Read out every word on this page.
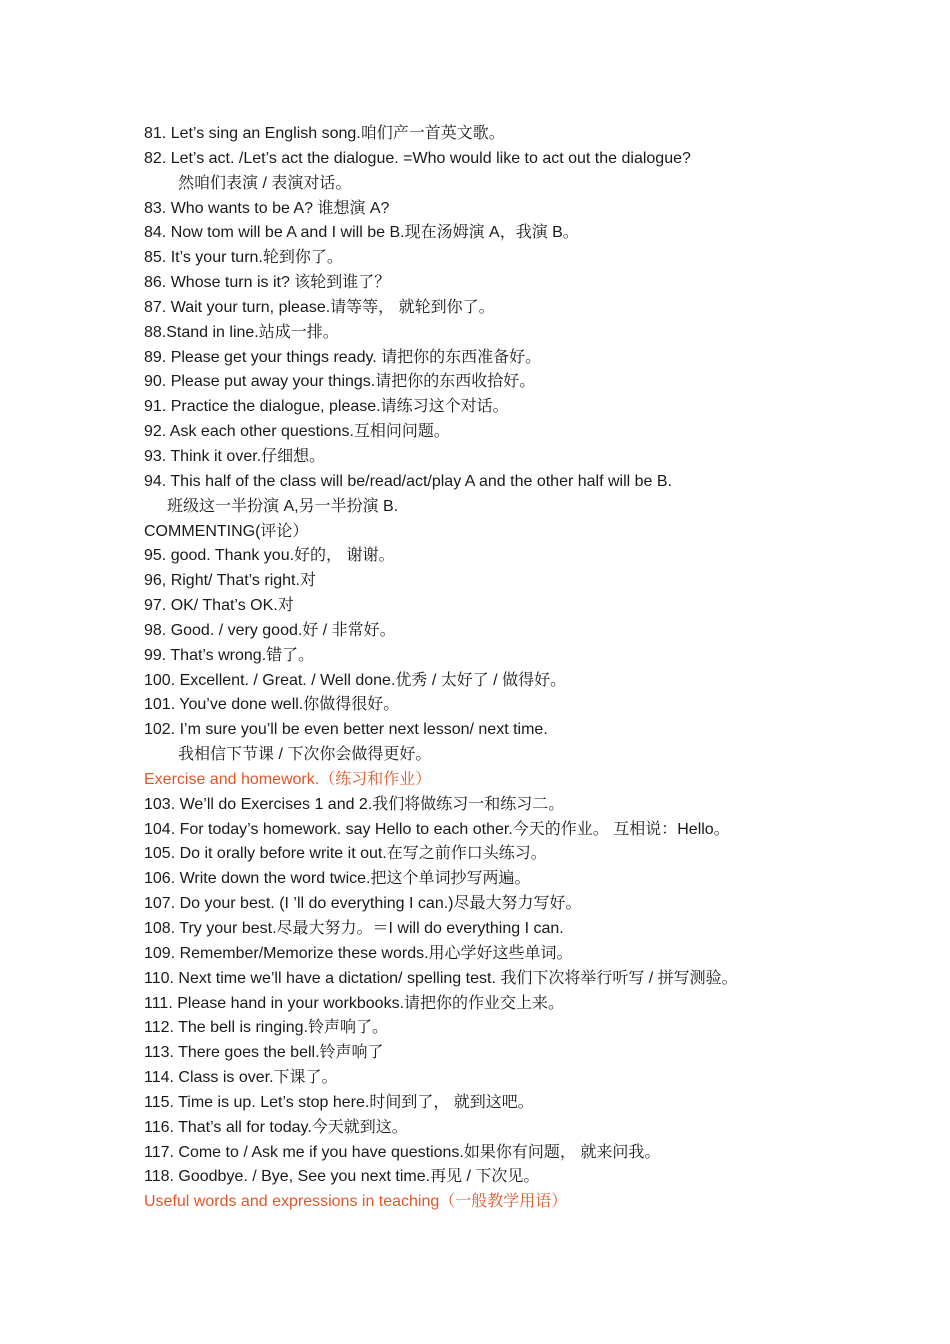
81. Let’s sing an English song.咱们产一首英文歌。
82. Let’s act. /Let’s act the dialogue. =Who would like to act out the dialogue?
然咱们表演 / 表演对话。
83. Who wants to be A? 谁想演 A?
84. Now tom will be A and I will be B.现在汤姆演 A，我演 B。
85. It’s your turn.轮到你了。
86. Whose turn is it? 该轮到谁了？
87. Wait your turn, please.请等等， 就轮到你了。
88.Stand in line.站成一排。
89. Please get your things ready. 请把你的东西准备好。
90. Please put away your things.请把你的东西收拾好。
91. Practice the dialogue, please.请练习这个对话。
92. Ask each other questions.互相问问题。
93. Think it over.仔细想。
94. This half of the class will be/read/act/play A and the other half will be B.
班级这一半扮演 A,另一半扮演 B.
COMMENTING(评论）
95. good. Thank you.好的， 谢谢。
96, Right/ That’s right.对
97. OK/ That’s OK.对
98. Good. / very good.好 / 非常好。
99. That’s wrong.错了。
100. Excellent. / Great. / Well done.优秀 / 太好了 / 做得好。
101. You’ve done well.你做得很好。
102. I’m sure you’ll be even better next lesson/ next time.
我相信下节课 / 下次你会做得更好。
Exercise and homework.（练习和作业）
103. We’ll do Exercises 1 and 2.我们将做练习一和练习二。
104. For today’s homework. say Hello to each other.今天的作业。 互相说：Hello。
105. Do it orally before write it out.在写之前作口头练习。
106. Write down the word twice.把这个单词抄写两遍。
107. Do your best. (I ’ll do everything I can.)尽最大努力写好。
108. Try your best.尽最大努力。＝I will do everything I can.
109. Remember/Memorize these words.用心学好这些单词。
110. Next time we’ll have a dictation/ spelling test. 我们下次将举行听写 / 拼写测验。
111. Please hand in your workbooks.请把你的作业交上来。
112. The bell is ringing.铃声响了。
113. There goes the bell.铃声响了
114. Class is over.下课了。
115. Time is up. Let’s stop here.时间到了， 就到这吧。
116. That’s all for today.今天就到这。
117. Come to / Ask me if you have questions.如果你有问题， 就来问我。
118. Goodbye. / Bye, See you next time.再见 / 下次见。
Useful words and expressions in teaching（一般教学用语）
